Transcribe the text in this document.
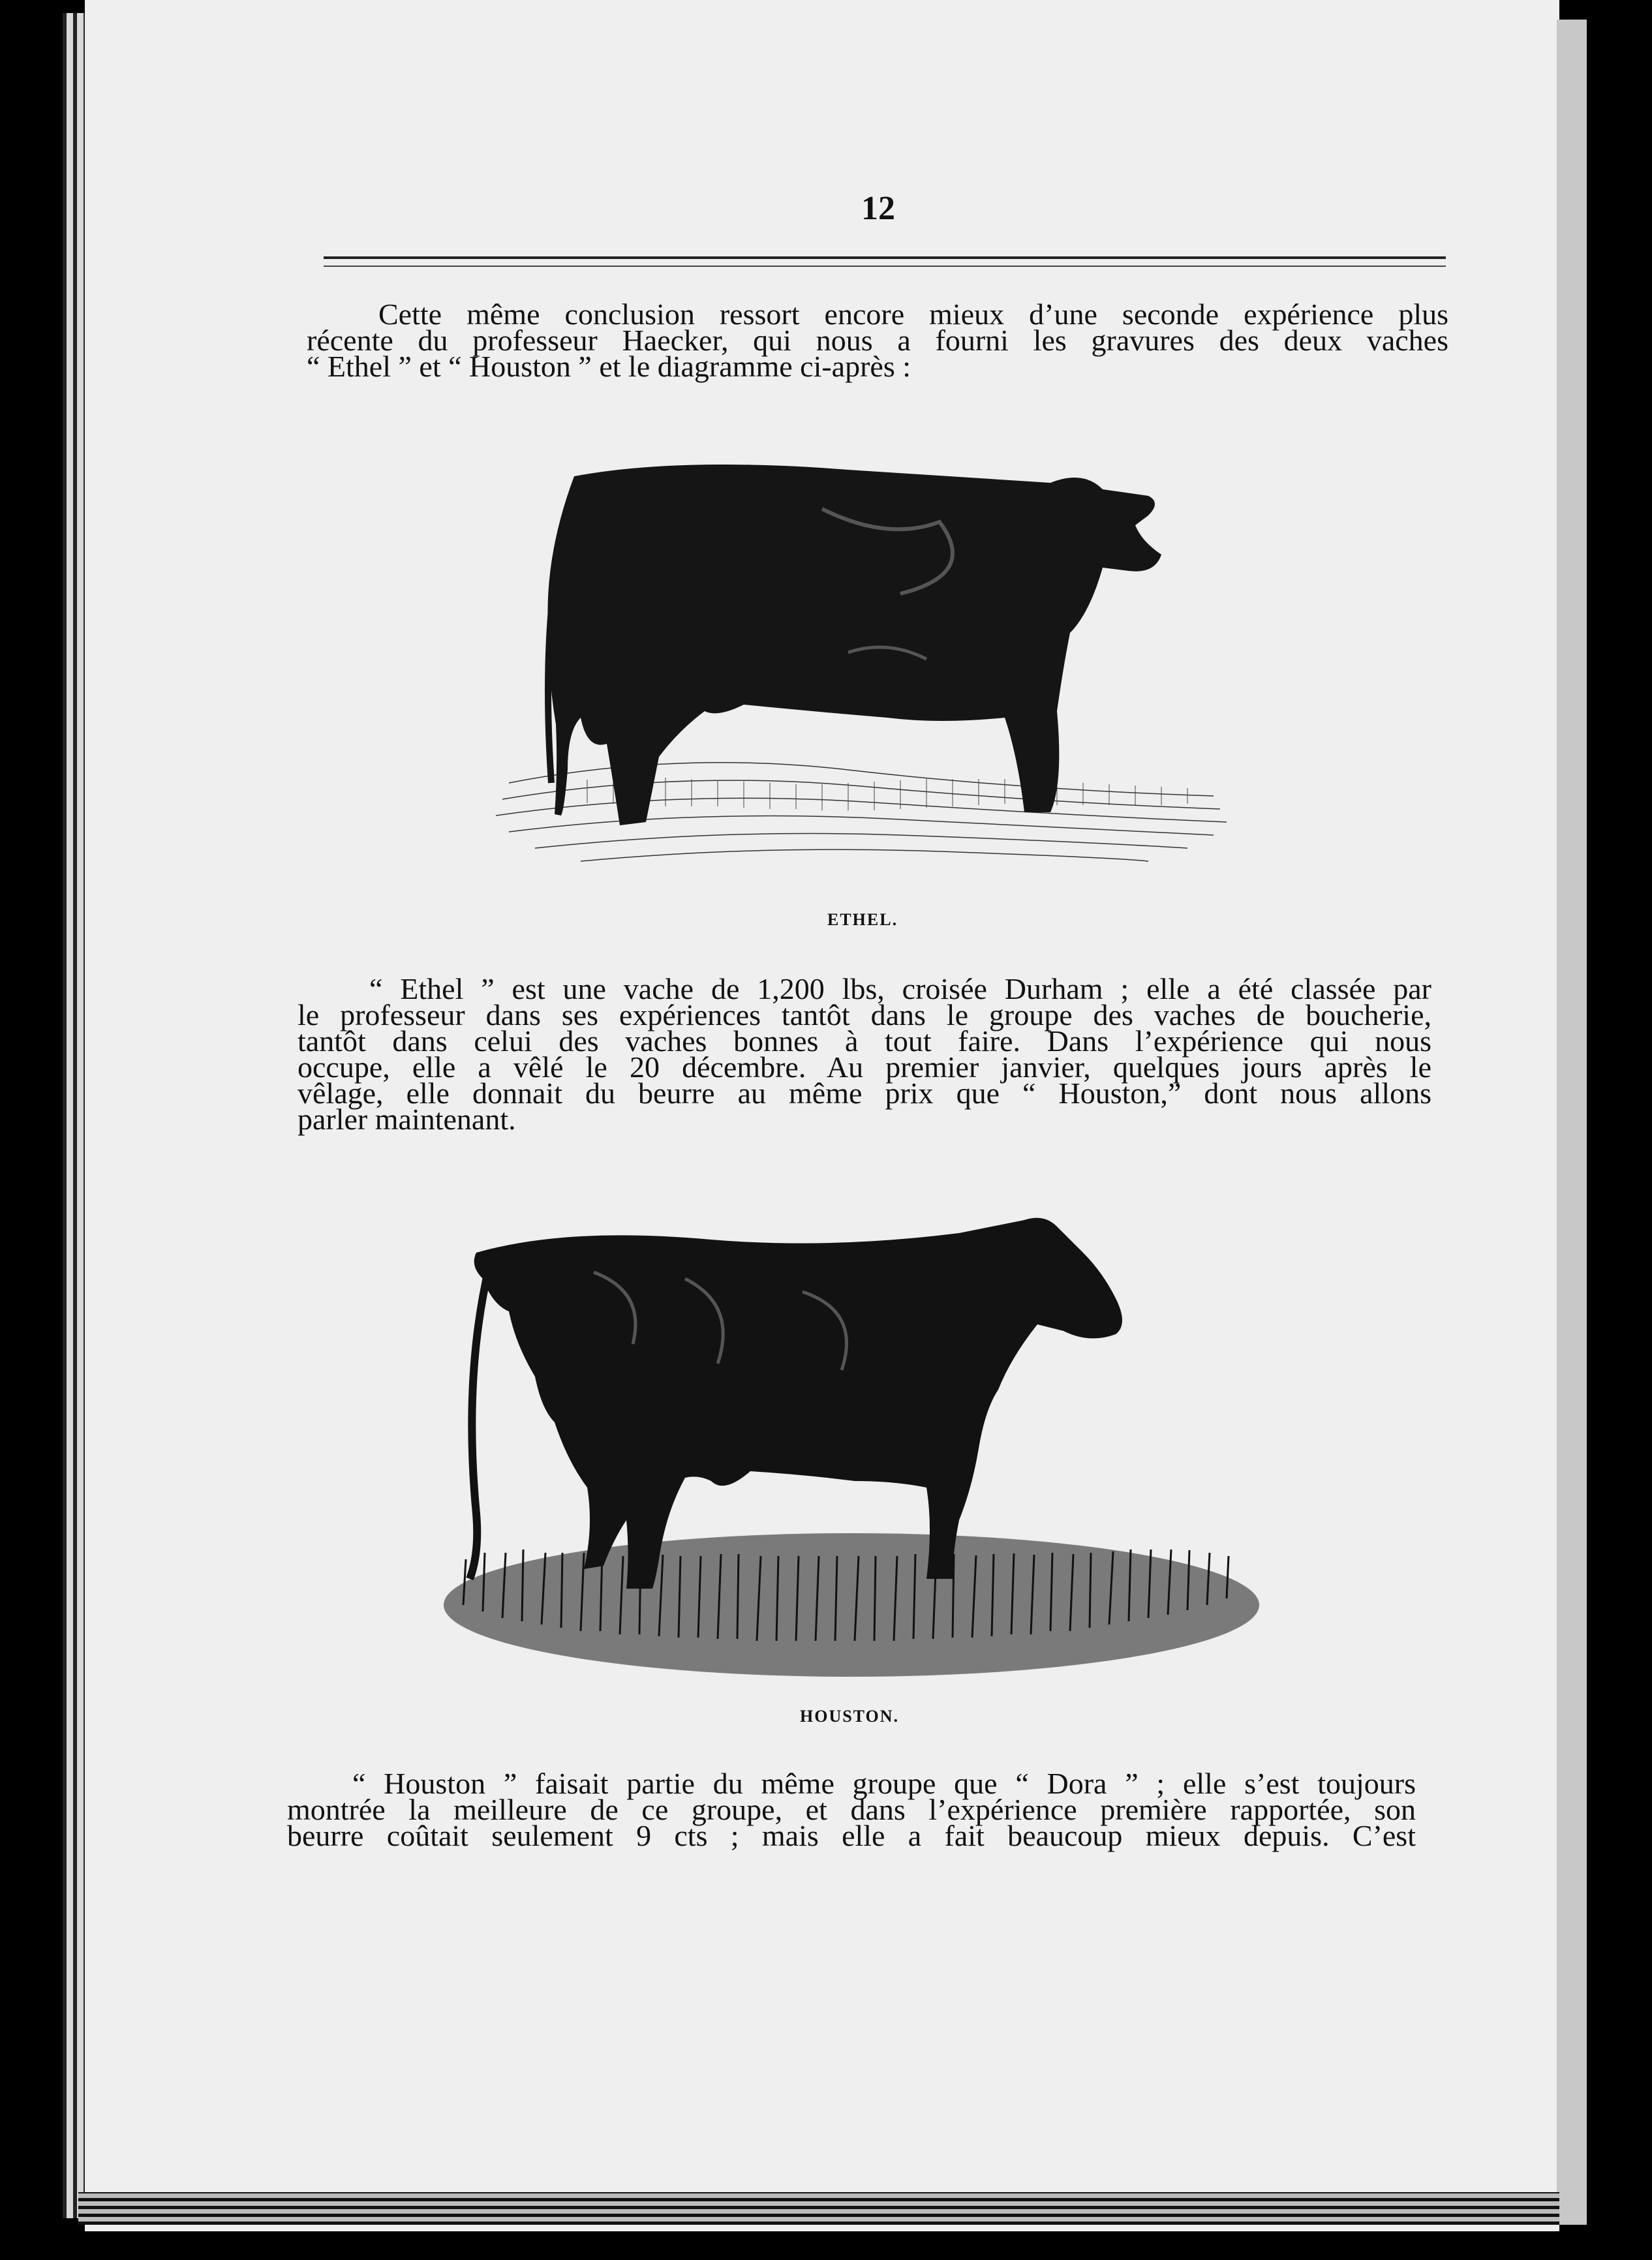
12

Cette même conclusion ressort encore mieux d’une seconde expérience plus
récente du professeur Haecker, qui nous a fourni les gravures des deux vaches
“ Ethel ” et “ Houston ” et le diagramme ci-après :

ETHEL.

“ Ethel ” est une vache de 1,200 lbs, croisée Durham ; elle a été classée par
le professeur dans ses expériences tantôt dans le groupe des vaches de boucherie,
tantôt dans celui des vaches bonnes à tout faire. Dans l’expérience qui nous
occupe, elle a vêlé le 20 décembre. Au premier janvier, quelques jours après le
vêlage, elle donnait du beurre au même prix que “ Houston,” dont nous allons
parler maintenant.

HOUSTON.

“ Houston ” faisait partie du même groupe que “ Dora ” ; elle s’est toujours
montrée la meilleure de ce groupe, et dans l’expérience première rapportée, son
beurre coûtait seulement 9 cts ; mais elle a fait beaucoup mieux depuis. C’est
